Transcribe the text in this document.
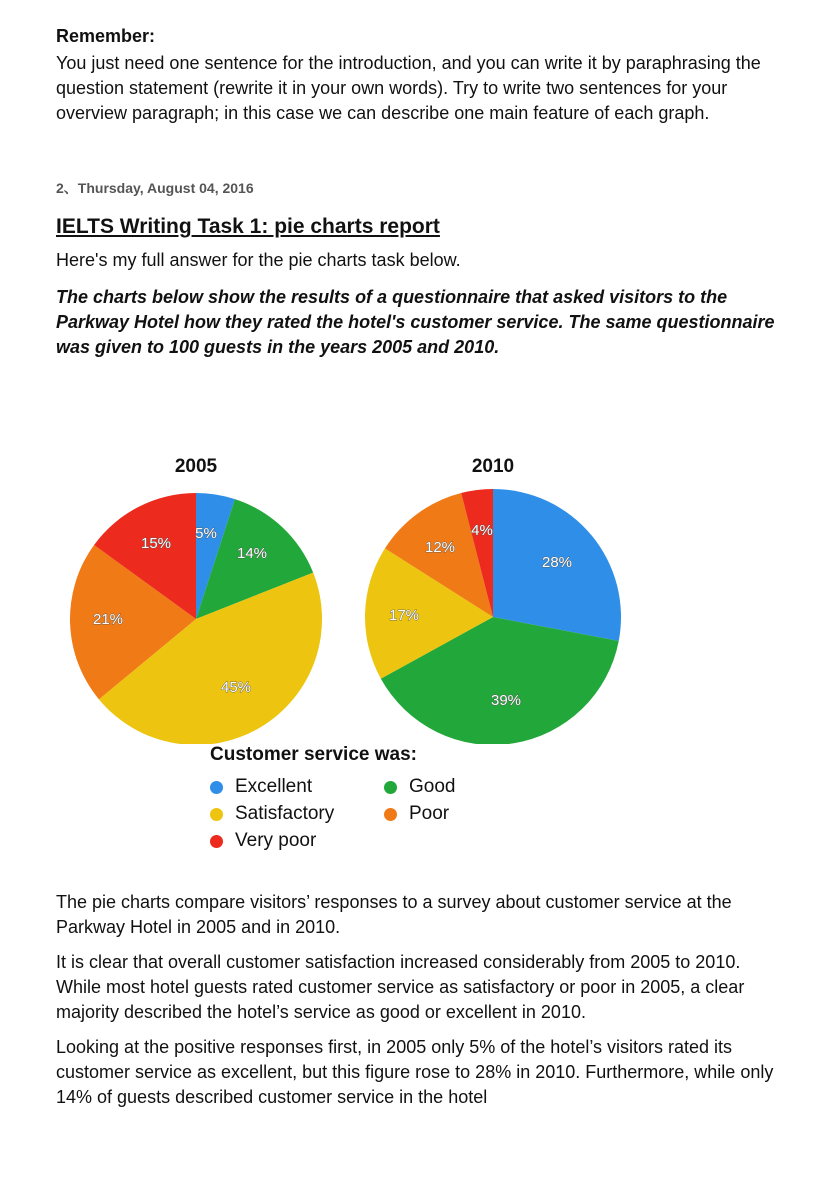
Remember:
You just need one sentence for the introduction, and you can write it by paraphrasing the question statement (rewrite it in your own words). Try to write two sentences for your overview paragraph; in this case we can describe one main feature of each graph.
2、Thursday, August 04, 2016
IELTS Writing Task 1: pie charts report
Here's my full answer for the pie charts task below.
The charts below show the results of a questionnaire that asked visitors to the Parkway Hotel how they rated the hotel's customer service. The same questionnaire was given to 100 guests in the years 2005 and 2010.
2005
5%
14%
45%
21%
15%
2010
28%
39%
17%
12%
4%
Customer service was:
Excellent	Good
Satisfactory	Poor
Very poor

The pie charts compare visitors’ responses to a survey about customer service at the Parkway Hotel in 2005 and in 2010.

It is clear that overall customer satisfaction increased considerably from 2005 to 2010. While most hotel guests rated customer service as satisfactory or poor in 2005, a clear majority described the hotel’s service as good or excellent in 2010.

Looking at the positive responses first, in 2005 only 5% of the hotel’s visitors rated its customer service as excellent, but this figure rose to 28% in 2010. Furthermore, while only 14% of guests described customer service in the hotel
